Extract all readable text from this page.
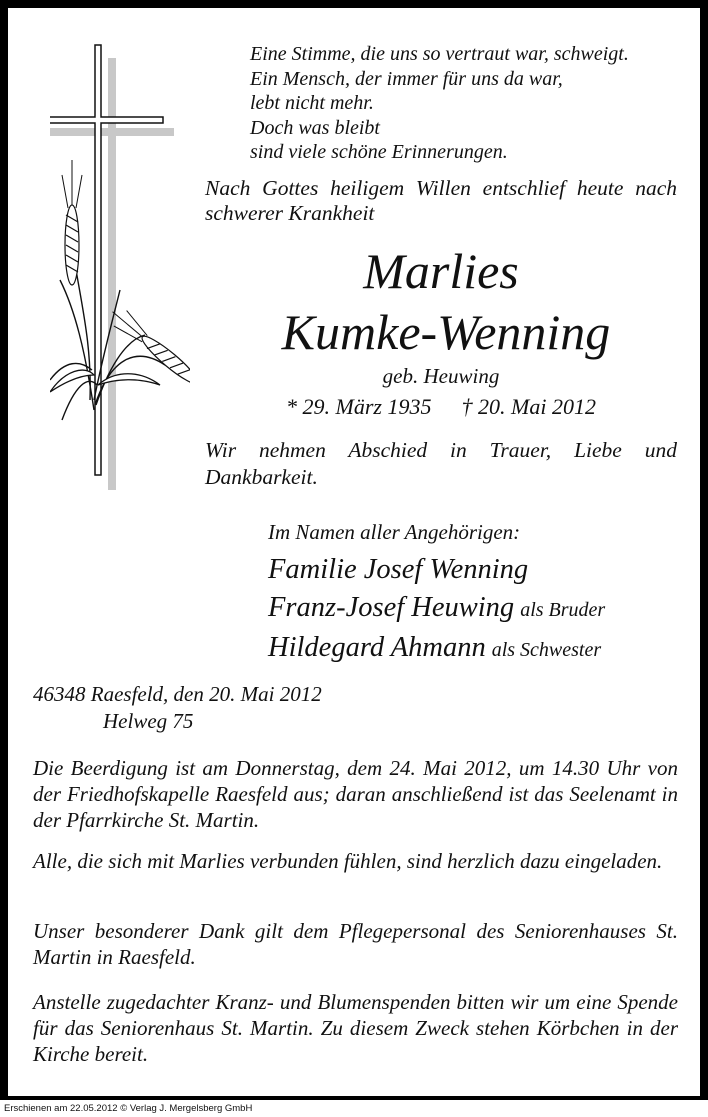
Eine Stimme, die uns so vertraut war, schweigt.
Ein Mensch, der immer für uns da war,
lebt nicht mehr.
Doch was bleibt
sind viele schöne Erinnerungen.
Nach Gottes heiligem Willen entschlief heute nach schwerer Krankheit
Marlies
Kumke-Wenning
geb. Heuwing
* 29. März 1935 † 20. Mai 2012
Wir nehmen Abschied in Trauer, Liebe und Dankbarkeit.
Im Namen aller Angehörigen:
Familie Josef Wenning
Franz-Josef Heuwing als Bruder
Hildegard Ahmann als Schwester
46348 Raesfeld, den 20. Mai 2012
Helweg 75
Die Beerdigung ist am Donnerstag, dem 24. Mai 2012, um 14.30 Uhr von der Friedhofskapelle Raesfeld aus; daran anschließend ist das Seelenamt in der Pfarrkirche St. Martin.
Alle, die sich mit Marlies verbunden fühlen, sind herzlich dazu eingeladen.
Unser besonderer Dank gilt dem Pflegepersonal des Seniorenhauses St. Martin in Raesfeld.
Anstelle zugedachter Kranz- und Blumenspenden bitten wir um eine Spende für das Seniorenhaus St. Martin. Zu diesem Zweck stehen Körbchen in der Kirche bereit.
Erschienen am 22.05.2012 © Verlag J. Mergelsberg GmbH
